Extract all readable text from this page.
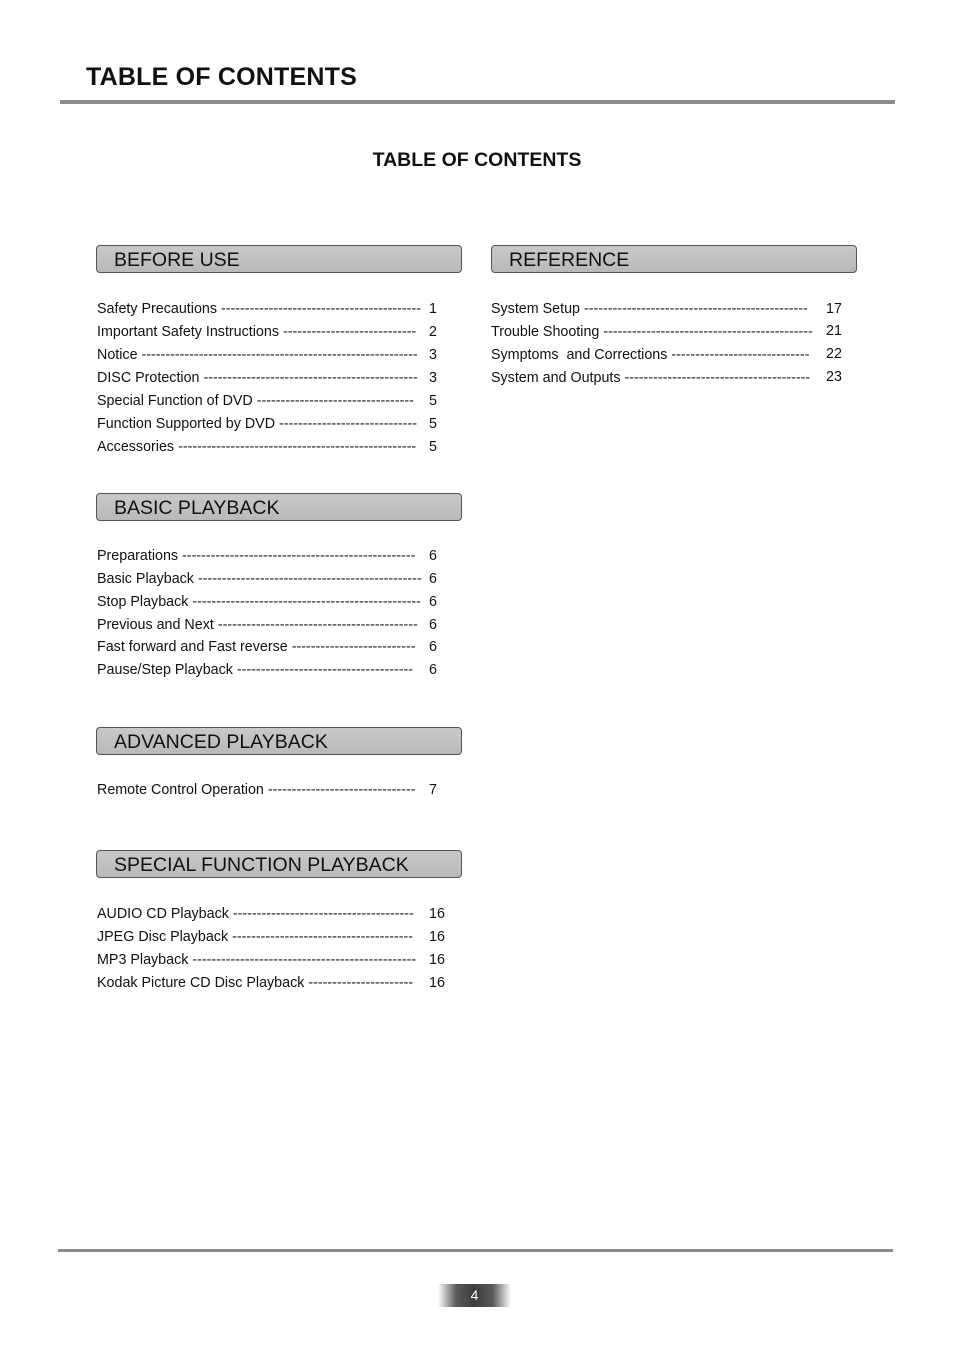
TABLE OF CONTENTS
TABLE OF CONTENTS
BEFORE USE
Safety Precautions ------------------------------------------ 1
Important Safety Instructions ---------------------------- 2
Notice ---------------------------------------------------------- 3
DISC Protection --------------------------------------------- 3
Special Function of DVD --------------------------------- 5
Function Supported by DVD ----------------------------- 5
Accessories -------------------------------------------------- 5
BASIC PLAYBACK
Preparations ------------------------------------------------- 6
Basic Playback ----------------------------------------------- 6
Stop Playback ------------------------------------------------ 6
Previous and Next ------------------------------------------ 6
Fast forward and Fast reverse -------------------------- 6
Pause/Step Playback ------------------------------------- 6
ADVANCED PLAYBACK
Remote Control Operation ------------------------------- 7
SPECIAL FUNCTION PLAYBACK
AUDIO CD Playback -------------------------------------- 16
JPEG Disc Playback -------------------------------------- 16
MP3 Playback ----------------------------------------------- 16
Kodak Picture CD Disc Playback ---------------------- 16
REFERENCE
System Setup ----------------------------------------------- 17
Trouble Shooting -------------------------------------------- 21
Symptoms  and Corrections ----------------------------- 22
System and Outputs --------------------------------------- 23
4
